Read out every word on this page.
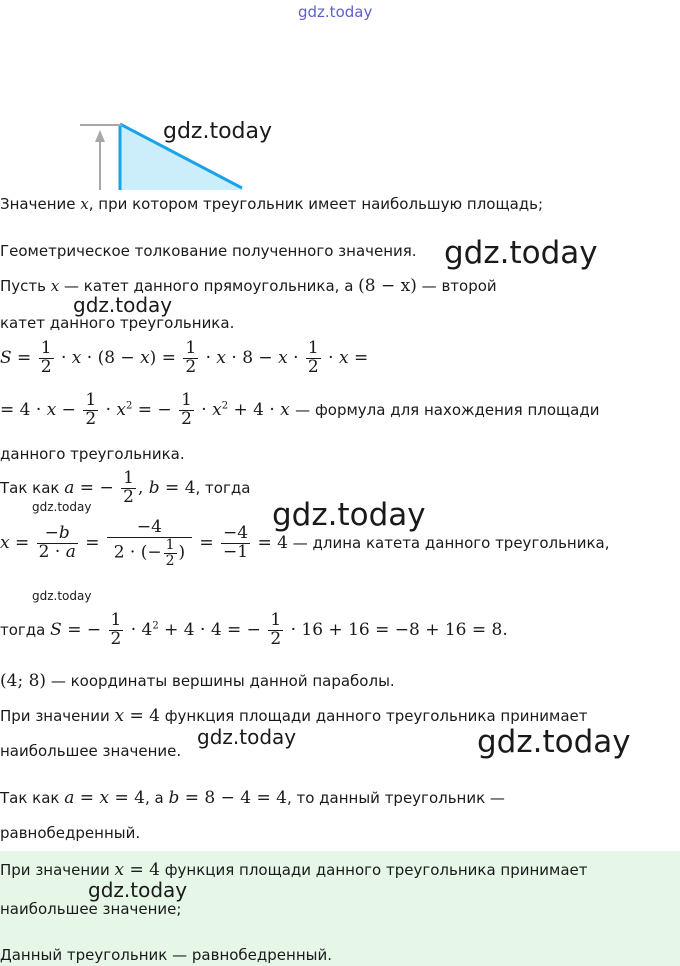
gdz.today
gdz.today
Значение x, при котором треугольник имеет наибольшую площадь;
Геометрическое толкование полученного значения. gdz.today
Пусть x — катет данного прямоугольника, а (8 − x) — второй
gdz.today
катет данного треугольника.
$S = \frac{1}{2} \cdot x \cdot (8 - x) = \frac{1}{2} \cdot x \cdot 8 - x \cdot \frac{1}{2} \cdot x$ =
= $4 \cdot x - \frac{1}{2} \cdot x^2$ = − $\frac{1}{2} \cdot x^2 + 4 \cdot x$ — формула для нахождения площади
данного треугольника.
Так как a = − $\frac{1}{2}$ , b = 4, тогда
gdz.today	gdz.today
$x = \frac{-b}{2 \cdot a} = \frac{-4}{2 \cdot (- \frac{1}{2} )} = \frac{-4}{-1} = 4$ — длина катета данного треугольника,
gdz.today
тогда S = − $\frac{1}{2} \cdot 4^2 + 4 \cdot 4$ = − $\frac{1}{2} \cdot 16 + 16 = -8 + 16 = 8$.
(4; 8) — координаты вершины данной параболы.
При значении x = 4 функция площади данного треугольника принимает
наибольшее значение.
gdz.today	gdz.today
Так как a = x = 4, а b = 8 − 4 = 4, то данный треугольник —
равнобедренный.
При значении x = 4 функция площади данного треугольника принимает
gdz.today
наибольшее значение;
Данный треугольник — равнобедренный.
